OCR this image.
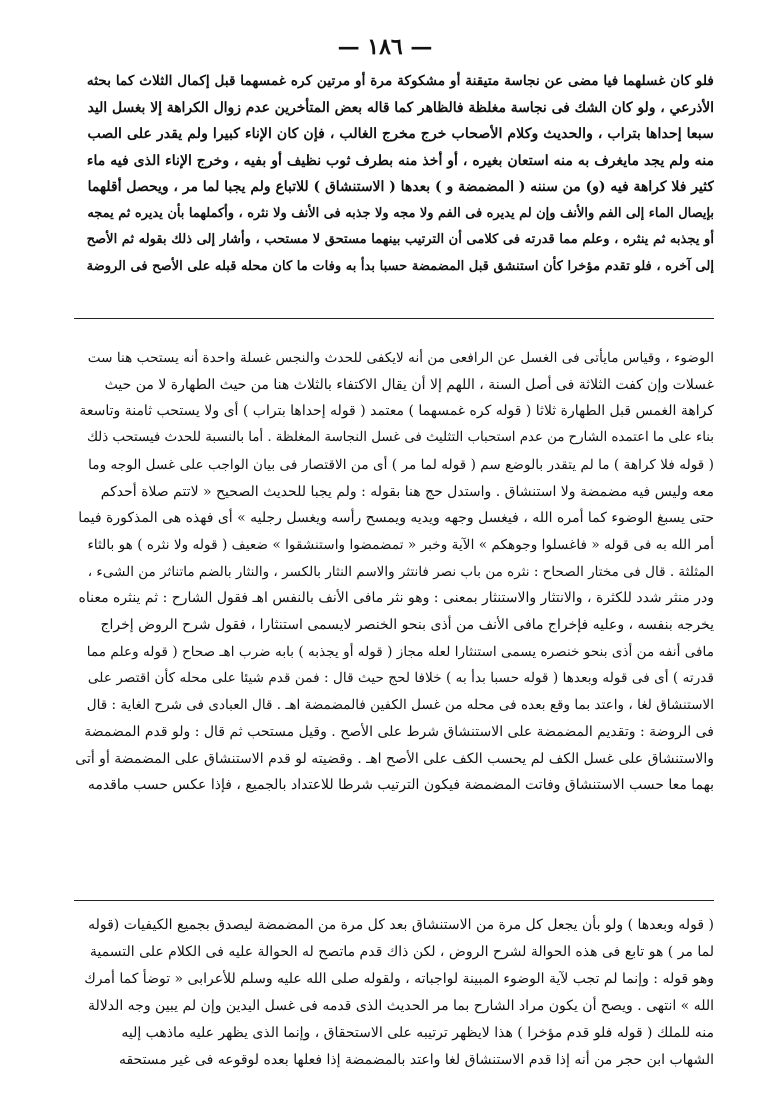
— ١٨٦ —
فلو كان غسلهما فيا مضى عن نجاسة متيقنة أو مشكوكة مرة أو مرتين كره غمسهما قبل إكمال الثلاث كما بحثه
الأذرعي ، ولو كان الشك فى نجاسة مغلظة فالظاهر كما قاله بعض المتأخرين عدم زوال الكراهة إلا بغسل اليد
سبعا إحداها بتراب ، والحديث وكلام الأصحاب خرج مخرج الغالب ، فإن كان الإناء كبيرا ولم يقدر على الصب
منه ولم يجد مايغرف به منه استعان بغيره ، أو أخذ منه بطرف ثوب نظيف أو بفيه ، وخرج الإناء الذى فيه ماء
كثير فلا كراهة فيه (و) من سننه ( المضمضة و ) بعدها ( الاستنشاق ) للاتباع ولم يجبا لما مر ، ويحصل أقلهما
بإيصال الماء إلى الفم والأنف وإن لم يديره فى الفم ولا مجه ولا جذبه فى الأنف ولا نثره ، وأكملهما بأن يديره ثم يمجه
أو يجذبه ثم ينثره ، وعلم مما قدرته فى كلامى أن الترتيب بينهما مستحق لا مستحب ، وأشار إلى ذلك بقوله ثم الأصح
إلى آخره ، فلو تقدم مؤخرا كأن استنشق قبل المضمضة حسبا بدأ به وفات ما كان محله قبله على الأصح فى الروضة
الوضوء ، وقياس مايأتى فى الغسل عن الرافعى من أنه لايكفى للحدث والنجس غسلة واحدة أنه يستحب هنا ست
غسلات وإن كفت الثلاثة فى أصل السنة ، اللهم إلا أن يقال الاكتفاء بالثلاث هنا من حيث الطهارة لا من حيث
كراهة الغمس قبل الطهارة ثلاثا ( قوله كره غمسهما ) معتمد ( قوله إحداها بتراب ) أى ولا يستحب ثامنة وتاسعة
بناء على ما اعتمده الشارح من عدم استحباب التثليث فى غسل النجاسة المغلظة . أما بالنسبة للحدث فيستحب ذلك
( قوله فلا كراهة ) ما لم يتقدر بالوضع سم ( قوله لما مر ) أى من الاقتصار فى بيان الواجب على غسل الوجه وما
معه وليس فيه مضمضة ولا استنشاق . واستدل حج هنا بقوله : ولم يجبا للحديث الصحيح « لاتتم صلاة أحدكم
حتى يسبغ الوضوء كما أمره الله ، فيغسل وجهه ويديه ويمسح رأسه ويغسل رجليه » أى فهذه هى المذكورة فيما
أمر الله به فى قوله « فاغسلوا وجوهكم » الآية وخبر « تمضمضوا واستنشقوا » ضعيف ( قوله ولا نثره ) هو بالثاء
المثلثة . قال فى مختار الصحاح : نثره من باب نصر فانتثر والاسم النثار بالكسر ، والنثار بالضم ماتناثر من الشىء ،
ودر منثر شدد للكثرة ، والانتثار والاستنثار بمعنى : وهو نثر مافى الأنف بالنفس اهـ فقول الشارح : ثم ينثره معناه
يخرجه بنفسه ، وعليه فإخراج مافى الأنف من أذى بنحو الخنصر لايسمى استنثارا ، فقول شرح الروض إخراج
مافى أنفه من أذى بنحو خنصره يسمى استنثارا لعله مجاز ( قوله أو يجذبه ) بابه ضرب اهـ صحاح ( قوله وعلم مما
قدرته ) أى فى قوله وبعدها ( قوله حسبا بدأ به ) خلافا لحج حيث قال : فمن قدم شيئا على محله كأن اقتصر على
الاستنشاق لغا ، واعتد بما وقع بعده فى محله من غسل الكفين فالمضمضة اهـ . قال العبادى فى شرح الغاية : قال
فى الروضة : وتقديم المضمضة على الاستنشاق شرط على الأصح . وقيل مستحب ثم قال : ولو قدم المضمضة
والاستنشاق على غسل الكف لم يحسب الكف على الأصح اهـ . وقضيته لو قدم الاستنشاق على المضمضة أو أتى
بهما معا حسب الاستنشاق وفاتت المضمضة فيكون الترتيب شرطا للاعتداد بالجميع ، فإذا عكس حسب ماقدمه
( قوله وبعدها ) ولو بأن يجعل كل مرة من الاستنشاق بعد كل مرة من المضمضة ليصدق بجميع الكيفيات (قوله
لما مر ) هو تابع فى هذه الحوالة لشرح الروض ، لكن ذاك قدم ماتصح له الحوالة عليه فى الكلام على التسمية
وهو قوله : وإنما لم تجب لآية الوضوء المبينة لواجباته ، ولقوله صلى الله عليه وسلم للأعرابى « توضأ كما أمرك
الله » انتهى . ويصح أن يكون مراد الشارح بما مر الحديث الذى قدمه فى غسل اليدين وإن لم يبين وجه الدلالة
منه للملك ( قوله فلو قدم مؤخرا ) هذا لايظهر ترتيبه على الاستحقاق ، وإنما الذى يظهر عليه ماذهب إليه
الشهاب ابن حجر من أنه إذا قدم الاستنشاق لغا واعتد بالمضمضة إذا فعلها بعده لوقوعه فى غير مستحقه
